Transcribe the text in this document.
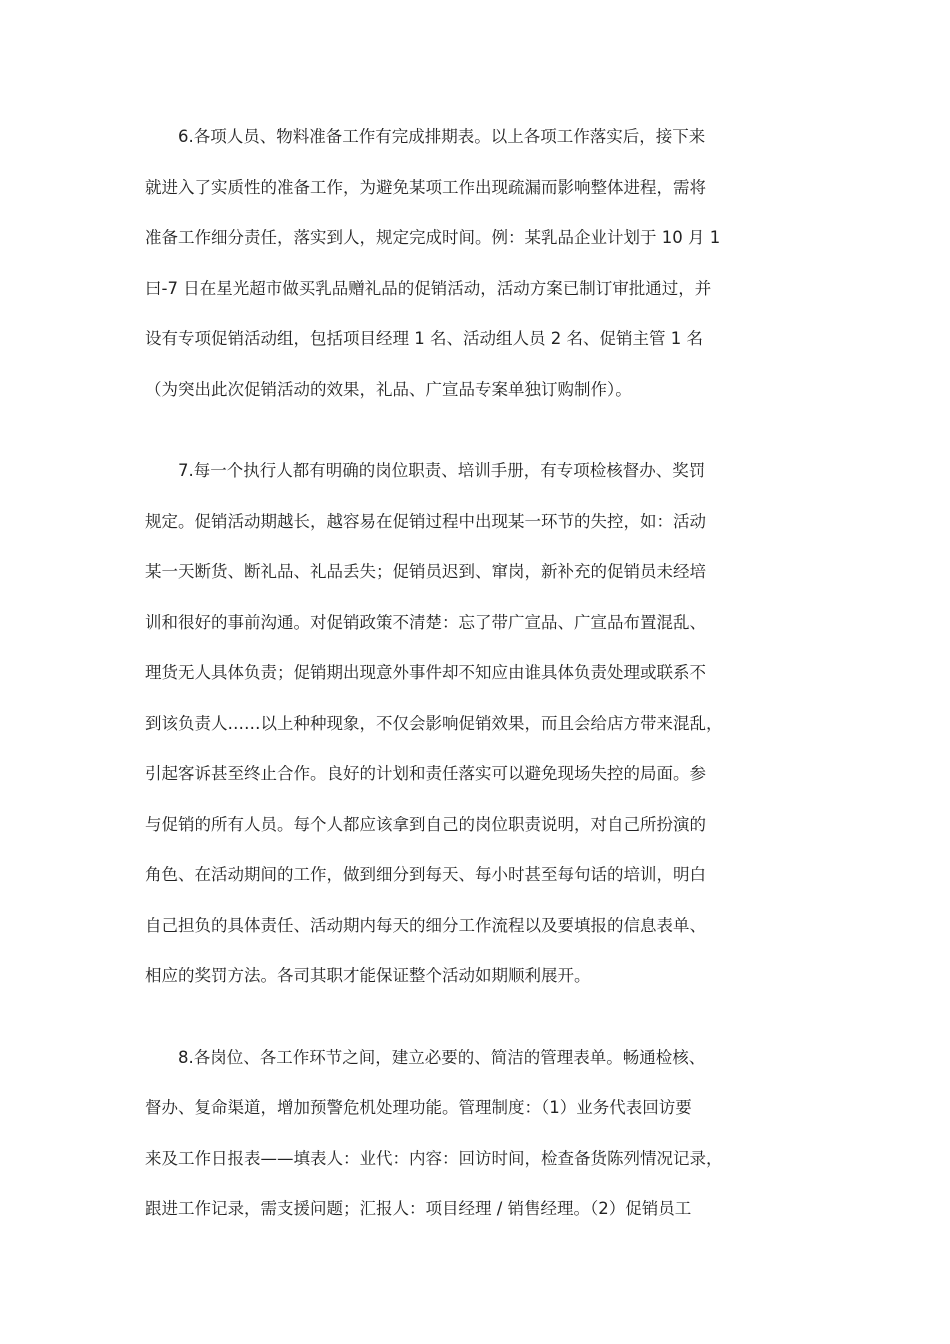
6.各项人员、物料准备工作有完成排期表。以上各项工作落实后，接下来
就进入了实质性的准备工作，为避免某项工作出现疏漏而影响整体进程，需将
准备工作细分责任，落实到人，规定完成时间。例：某乳品企业计划于 10 月 1
曰-7 日在星光超市做买乳品赠礼品的促销活动，活动方案已制订审批通过，并
设有专项促销活动组，包括项目经理 1 名、活动组人员 2 名、促销主管 1 名
（为突出此次促销活动的效果，礼品、广宣品专案单独订购制作）。

7.每一个执行人都有明确的岗位职责、培训手册，有专项检核督办、奖罚
规定。促销活动期越长，越容易在促销过程中出现某一环节的失控，如：活动
某一天断货、断礼品、礼品丢失；促销员迟到、窜岗，新补充的促销员未经培
训和很好的事前沟通。对促销政策不清楚：忘了带广宣品、广宣品布置混乱、
理货无人具体负责；促销期出现意外事件却不知应由谁具体负责处理或联系不
到该负责人……以上种种现象，不仅会影响促销效果，而且会给店方带来混乱，
引起客诉甚至终止合作。良好的计划和责任落实可以避免现场失控的局面。参
与促销的所有人员。每个人都应该拿到自己的岗位职责说明，对自己所扮演的
角色、在活动期间的工作，做到细分到每天、每小时甚至每句话的培训，明白
自己担负的具体责任、活动期内每天的细分工作流程以及要填报的信息表单、
相应的奖罚方法。各司其职才能保证整个活动如期顺利展开。

8.各岗位、各工作环节之间，建立必要的、简洁的管理表单。畅通检核、
督办、复命渠道，增加预警危机处理功能。管理制度：（1）业务代表回访要
来及工作日报表——填表人：业代：内容：回访时间，检查备货陈列情况记录，
跟进工作记录，需支援问题；汇报人：项目经理 / 销售经理。（2）促销员工
